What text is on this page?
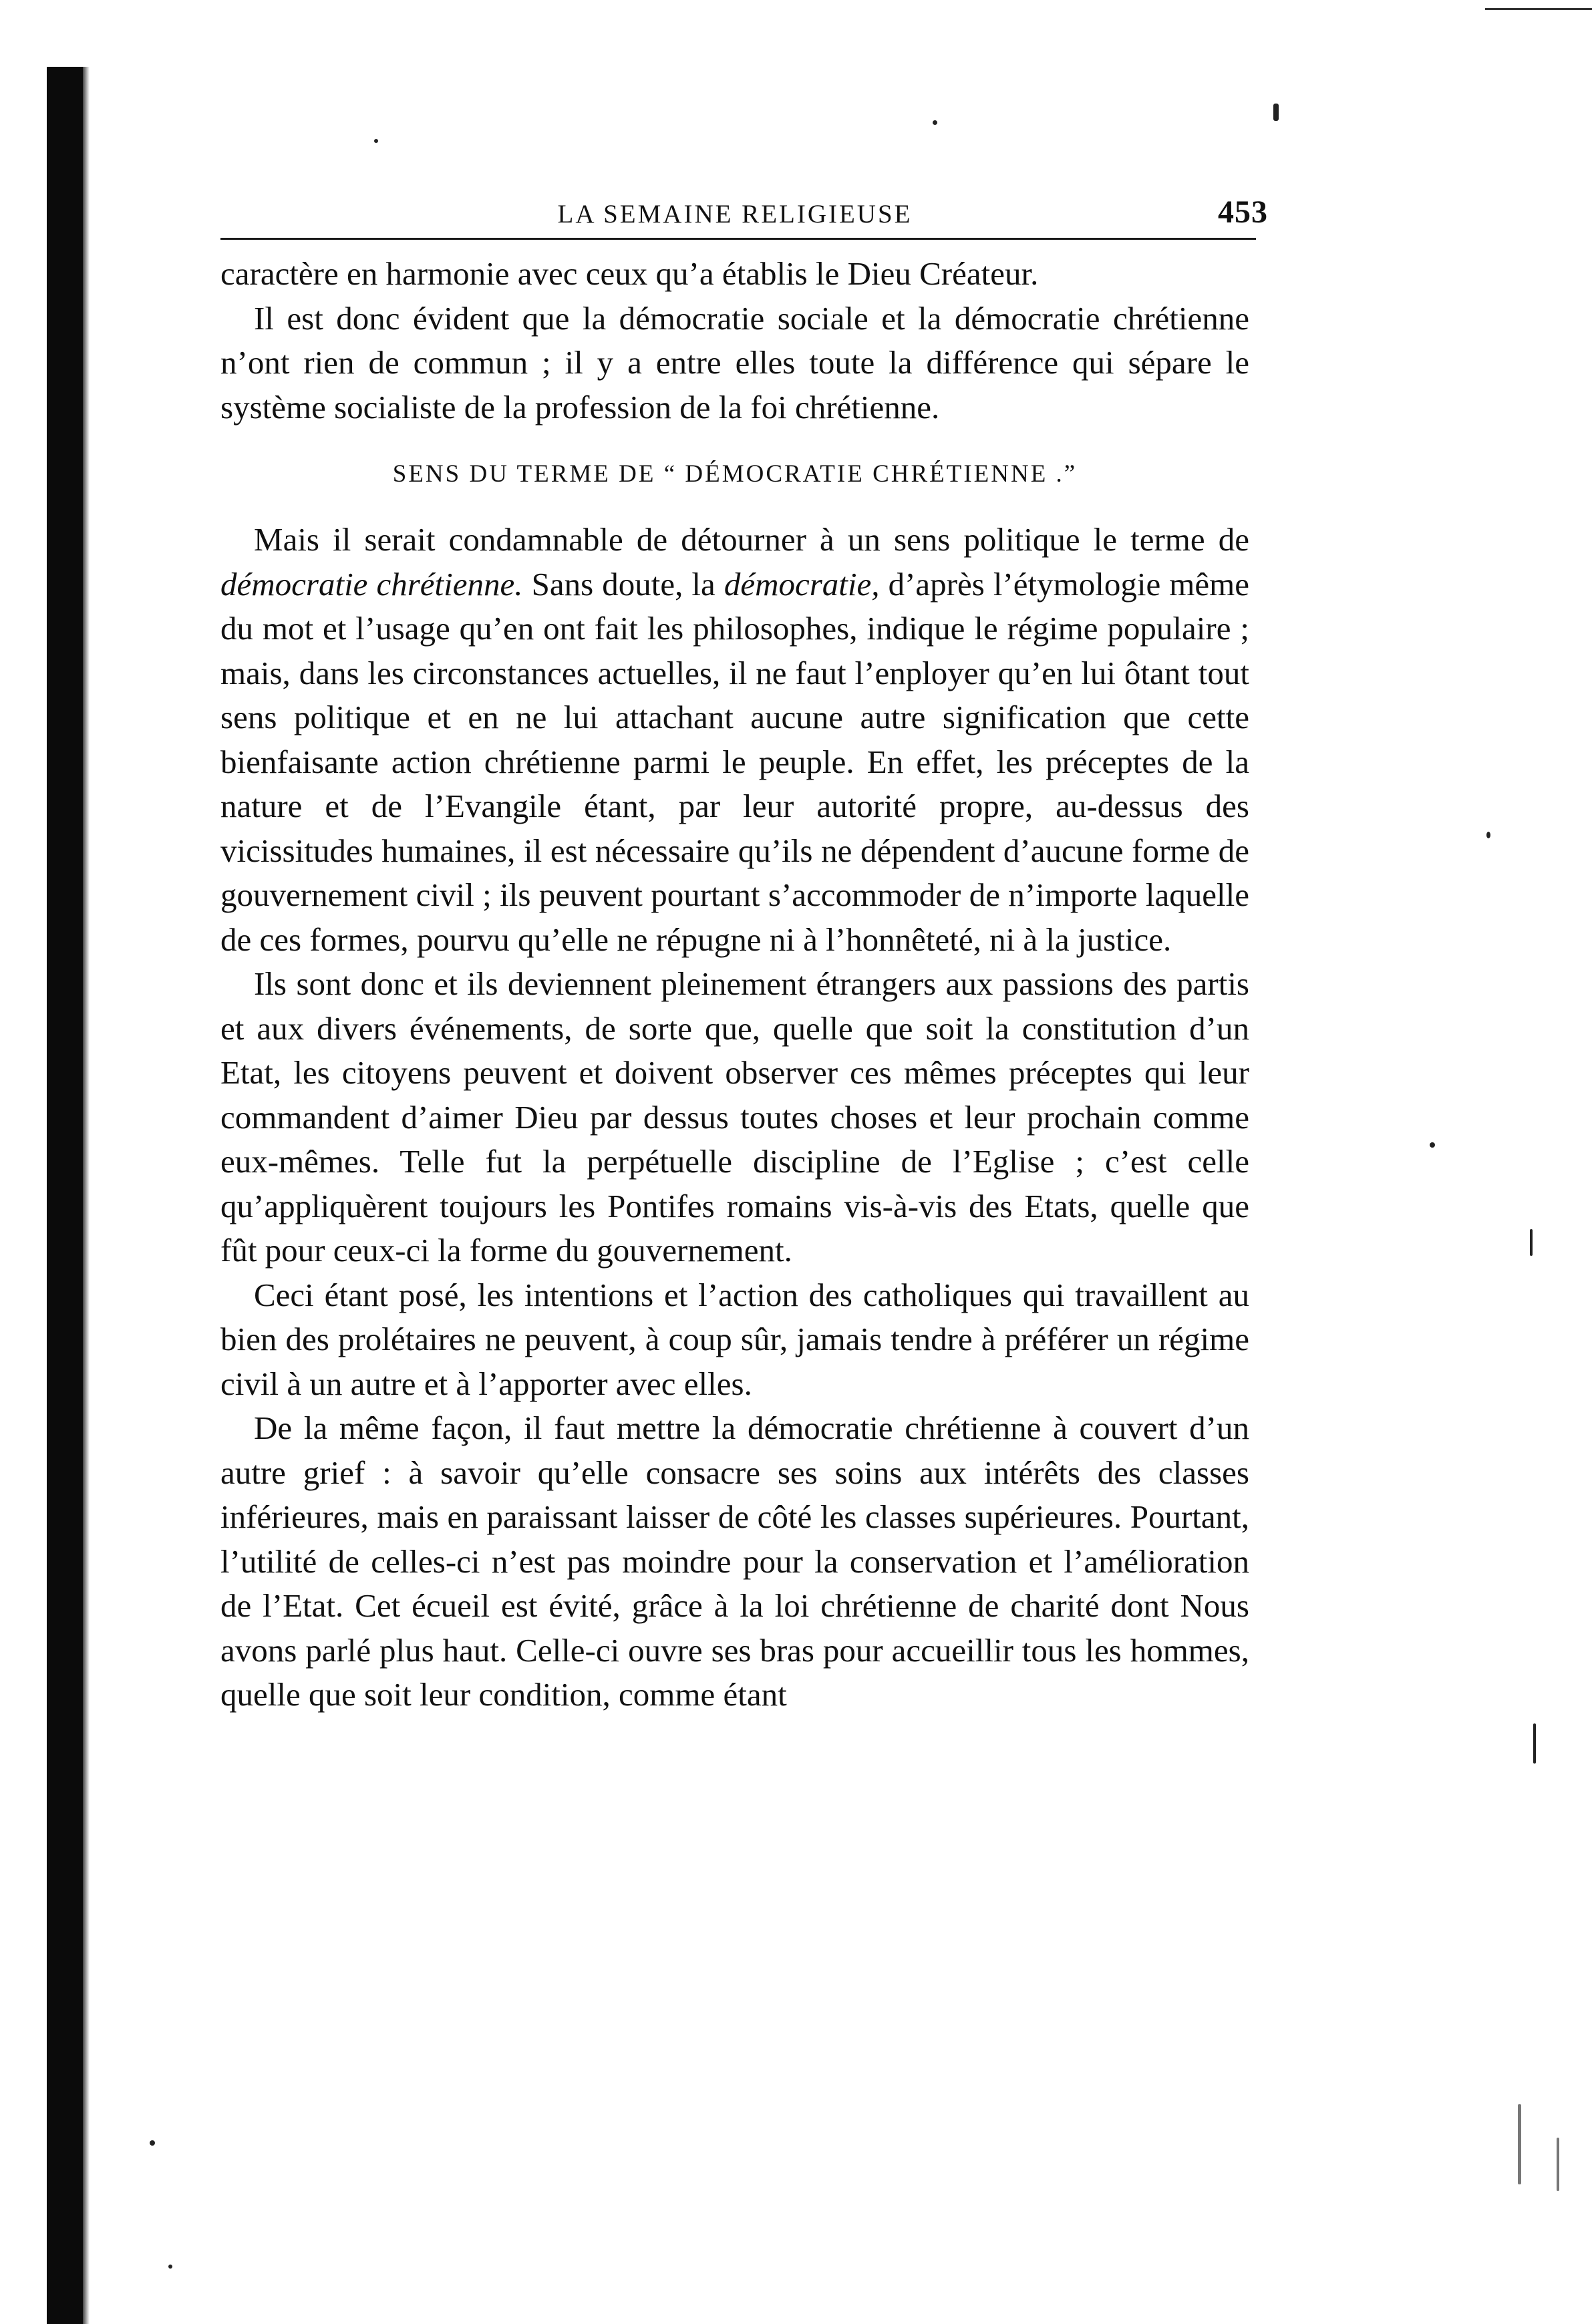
LA SEMAINE RELIGIEUSE	453

caractère en harmonie avec ceux qu’a établis le Dieu Créateur.

Il est donc évident que la démocratie sociale et la démocratie chrétienne n’ont rien de commun ; il y a entre elles toute la différence qui sépare le système socialiste de la profession de la foi chrétienne.

SENS DU TERME DE “ DÉMOCRATIE CHRÉTIENNE .”

Mais il serait condamnable de détourner à un sens politique le terme de démocratie chrétienne. Sans doute, la démocratie, d’après l’étymologie même du mot et l’usage qu’en ont fait les philosophes, indique le régime populaire ; mais, dans les circonstances actuelles, il ne faut l’enployer qu’en lui ôtant tout sens politique et en ne lui attachant aucune autre signification que cette bienfaisante action chrétienne parmi le peuple. En effet, les préceptes de la nature et de l’Evangile étant, par leur autorité propre, au-dessus des vicissitudes humaines, il est nécessaire qu’ils ne dépendent d’aucune forme de gouvernement civil ; ils peuvent pourtant s’accommoder de n’importe laquelle de ces formes, pourvu qu’elle ne répugne ni à l’honnêteté, ni à la justice.

Ils sont donc et ils deviennent pleinement étrangers aux passions des partis et aux divers événements, de sorte que, quelle que soit la constitution d’un Etat, les citoyens peuvent et doivent observer ces mêmes préceptes qui leur commandent d’aimer Dieu par dessus toutes choses et leur prochain comme eux-mêmes. Telle fut la perpétuelle discipline de l’Eglise ; c’est celle qu’appliquèrent toujours les Pontifes romains vis-à-vis des Etats, quelle que fût pour ceux-ci la forme du gouvernement.

Ceci étant posé, les intentions et l’action des catholiques qui travaillent au bien des prolétaires ne peuvent, à coup sûr, jamais tendre à préférer un régime civil à un autre et à l’apporter avec elles.

De la même façon, il faut mettre la démocratie chrétienne à couvert d’un autre grief : à savoir qu’elle consacre ses soins aux intérêts des classes inférieures, mais en paraissant laisser de côté les classes supérieures. Pourtant, l’utilité de celles-ci n’est pas moindre pour la conservation et l’amélioration de l’Etat. Cet écueil est évité, grâce à la loi chrétienne de charité dont Nous avons parlé plus haut. Celle-ci ouvre ses bras pour accueillir tous les hommes, quelle que soit leur condition, comme étant
